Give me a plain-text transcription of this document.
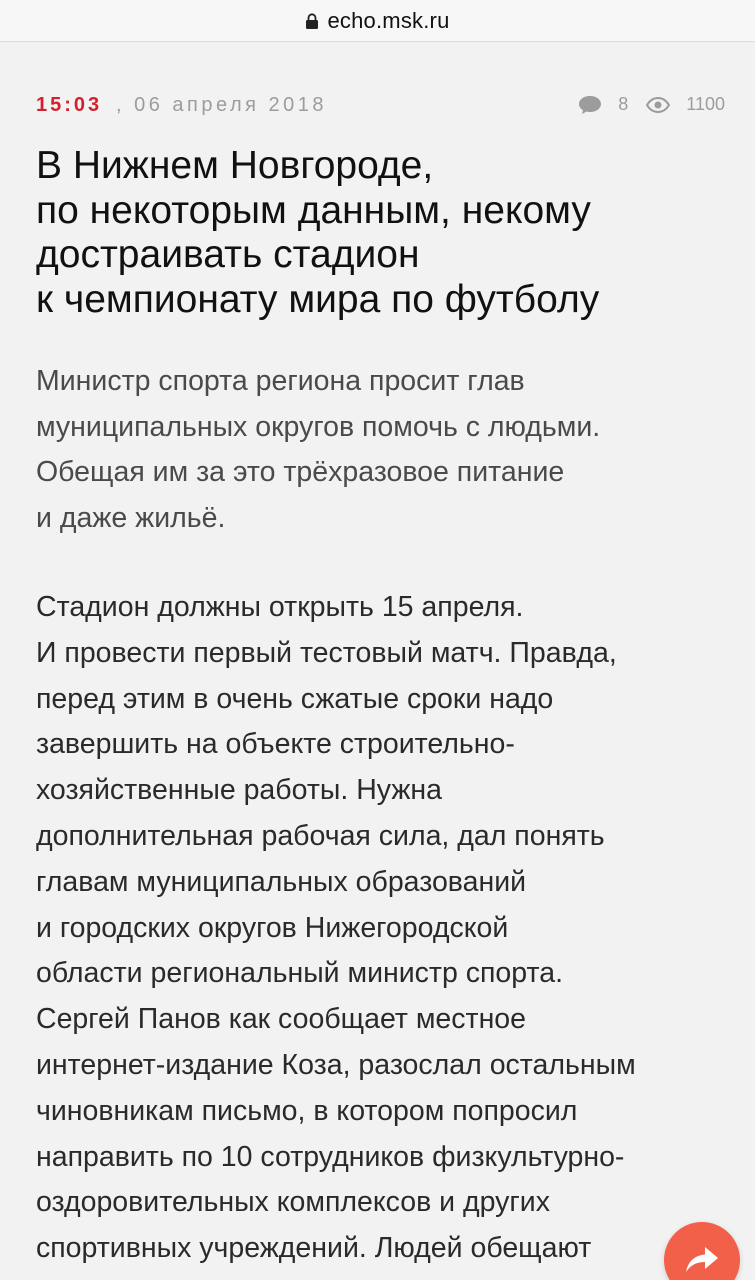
echo.msk.ru
15:03 , 06 апреля 2018	8	1100
В Нижнем Новгороде,
по некоторым данным, некому
достраивать стадион
к чемпионату мира по футболу

Министр спорта региона просит глав
муниципальных округов помочь с людьми.
Обещая им за это трёхразовое питание
и даже жильё.

Стадион должны открыть 15 апреля.
И провести первый тестовый матч. Правда,
перед этим в очень сжатые сроки надо
завершить на объекте строительно-
хозяйственные работы. Нужна
дополнительная рабочая сила, дал понять
главам муниципальных образований
и городских округов Нижегородской
области региональный министр спорта.
Сергей Панов как сообщает местное
интернет-издание Коза, разослал остальным
чиновникам письмо, в котором попросил
направить по 10 сотрудников физкультурно-
оздоровительных комплексов и других
спортивных учреждений. Людей обещают
